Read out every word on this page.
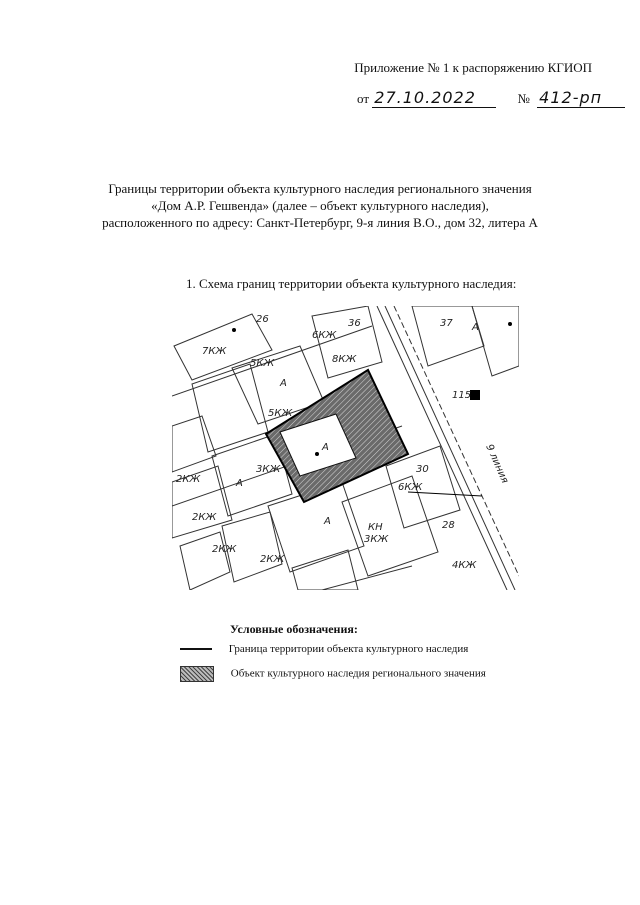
Приложение № 1 к распоряжению КГИОП
от 27.10.2022	№ 412-рп
Границы территории объекта культурного наследия регионального значения
«Дом А.Р. Гешвенда» (далее – объект культурного наследия),
расположенного по адресу: Санкт-Петербург, 9-я линия В.О., дом 32, литера А
1. Схема границ территории объекта культурного наследия:
7КЖ
5КЖ
5КЖ
6КЖ
8КЖ
36
26
А
А
А
А
А
3КЖ
3КЖ
6КЖ
30
28
37
115
КН
2КЖ
2КЖ
2КЖ
2КЖ
4КЖ
9 линия
Условные обозначения:
Граница территории объекта культурного наследия
Объект культурного наследия регионального значения
